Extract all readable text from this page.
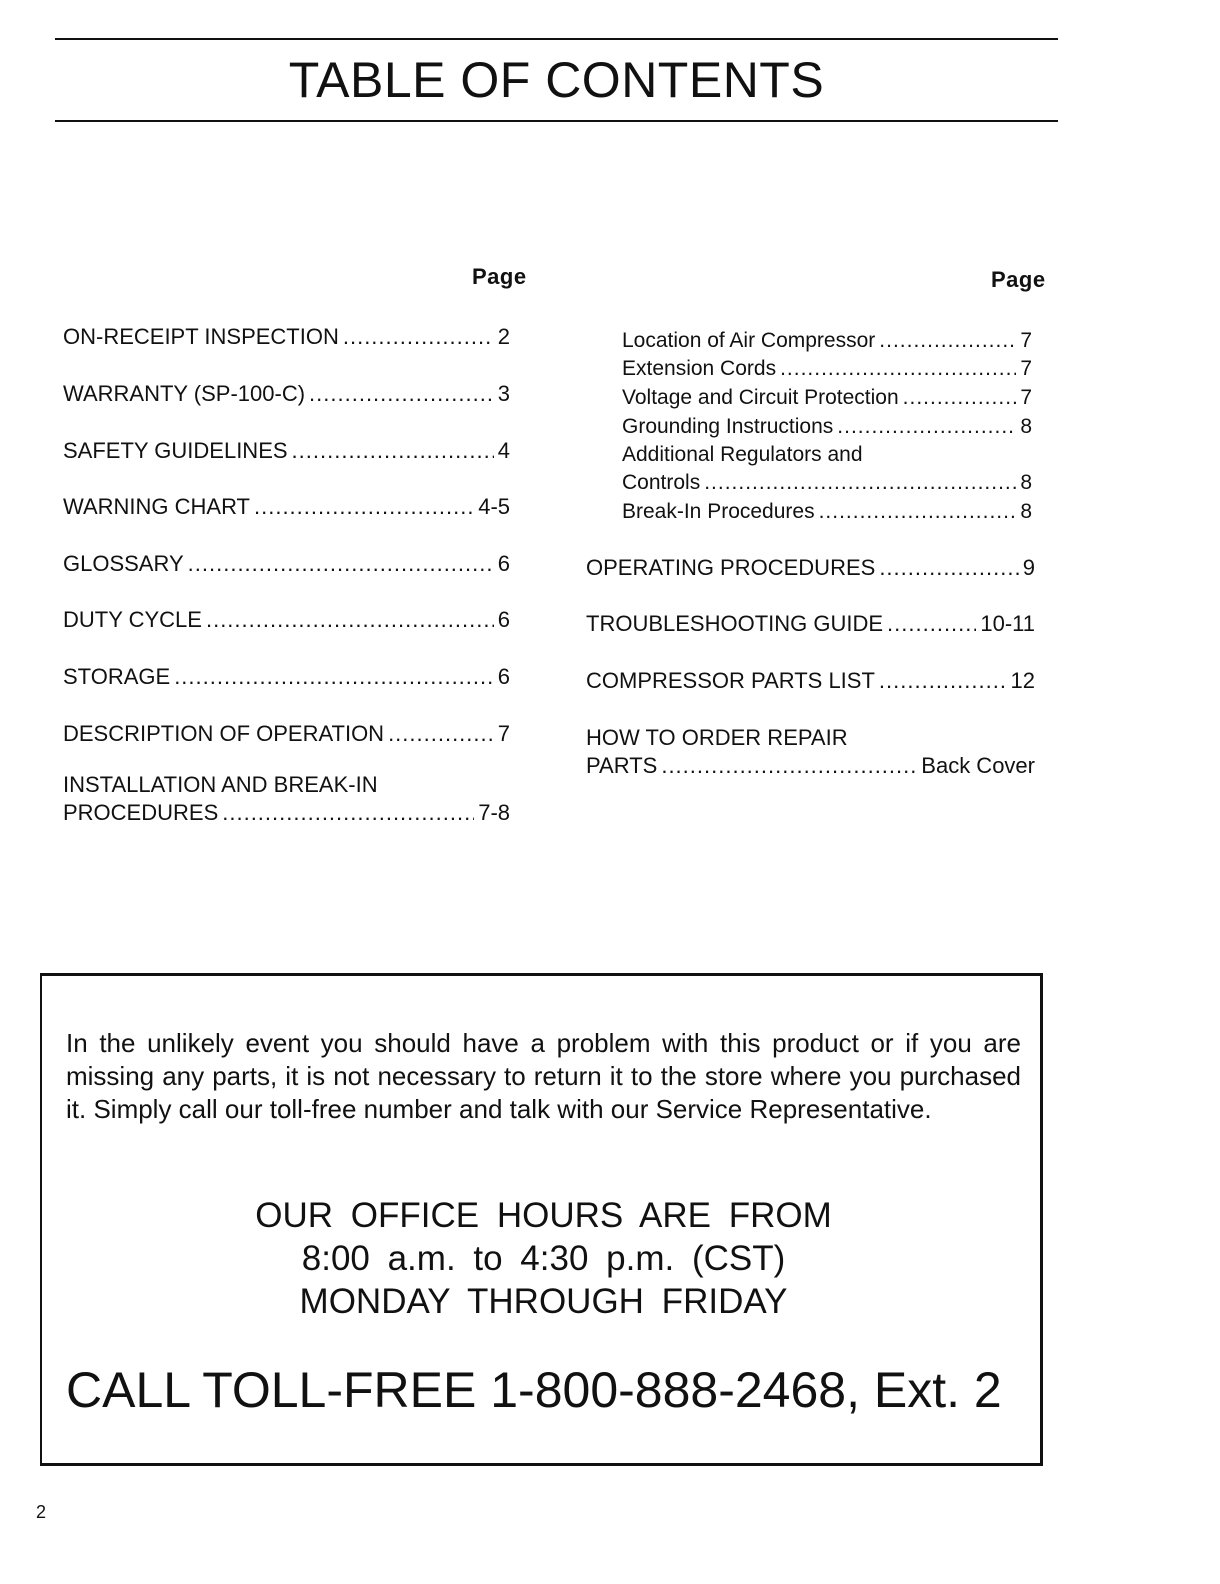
TABLE OF CONTENTS
Page	Page
ON-RECEIPT INSPECTION .....	2
WARRANTY (SP-100-C) .....	3
SAFETY GUIDELINES .....	4
WARNING CHART .....	4-5
GLOSSARY .....	6
DUTY CYCLE .....	6
STORAGE .....	6
DESCRIPTION OF OPERATION .....	7
INSTALLATION AND BREAK-IN
PROCEDURES .....	7-8
Location of Air Compressor .....	7
Extension Cords .....	7
Voltage and Circuit Protection .....	7
Grounding Instructions .....	8
Additional Regulators and
Controls .....	8
Break-In Procedures .....	8
OPERATING PROCEDURES .....	9
TROUBLESHOOTING GUIDE .....	10-11
COMPRESSOR PARTS LIST .....	12
HOW TO ORDER REPAIR
PARTS .....	Back Cover

In the unlikely event you should have a problem with this product or if you are missing any parts, it is not necessary to return it to the store where you purchased it. Simply call our toll-free number and talk with our Service Representative.

OUR OFFICE HOURS ARE FROM
8:00 a.m. to 4:30 p.m. (CST)
MONDAY THROUGH FRIDAY
CALL TOLL-FREE 1-800-888-2468, Ext. 2
2
